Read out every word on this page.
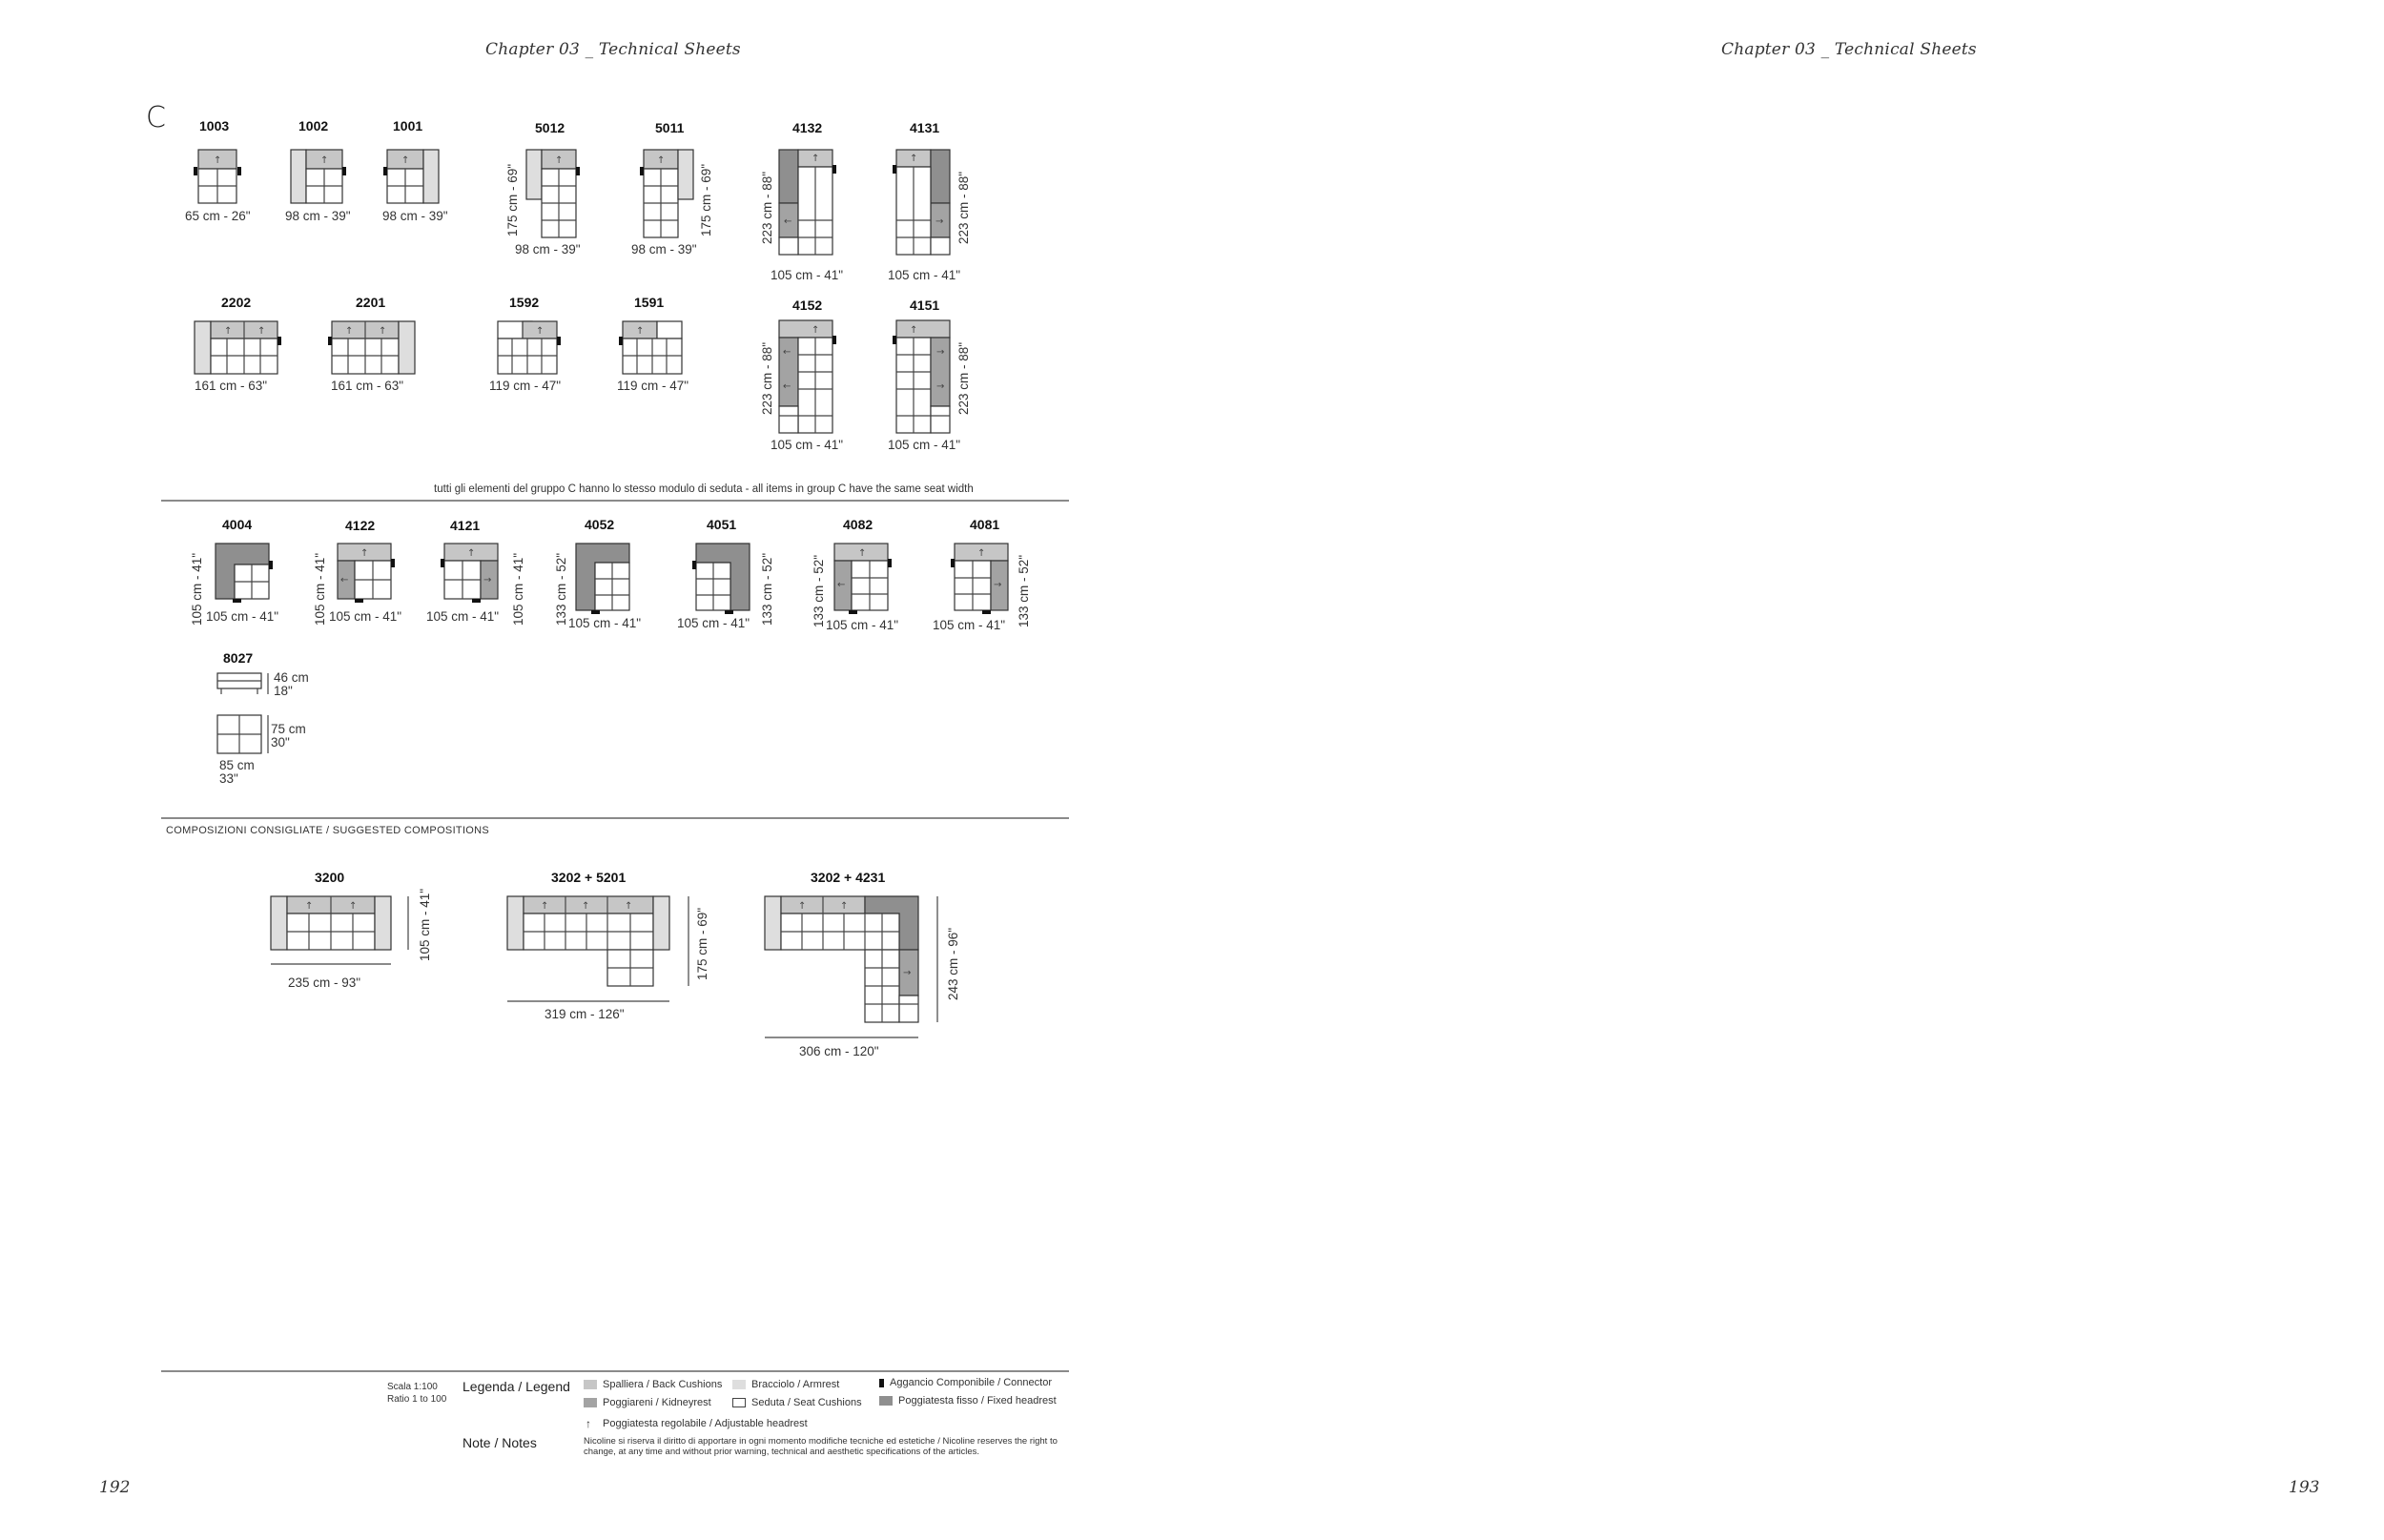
Chapter 03 _ Technical Sheets	Chapter 03 _ Technical Sheets
C
↑	↑	↑	↑	↑	↑
←
↑
→
↑	↑	↑	↑	↑	↑	↑
←
←
↑
→
→
↑
←
↑
→
↑
←
↑
→
↑	↑	↑	↑	↑	↑	↑
→
1003
65 cm - 26"
1002
98 cm - 39"
1001
98 cm - 39"
5012
98 cm - 39"
175 cm - 69"
5011
98 cm - 39"
175 cm - 69"
4132
105 cm - 41"
223 cm - 88"
4131
105 cm - 41"
223 cm - 88"
2202
161 cm - 63"
2201
161 cm - 63"
1592
119 cm - 47"
1591
119 cm - 47"
4152
105 cm - 41"
223 cm - 88"
4151
105 cm - 41"
223 cm - 88"
tutti gli elementi del gruppo C hanno lo stesso modulo di seduta - all items in group C have the same seat width
4004
105 cm - 41"
105 cm - 41"
4122
105 cm - 41"
105 cm - 41"
4121
105 cm - 41" 105 cm - 41"
4052
105 cm - 41"
133 cm - 52"
4051
105 cm - 41" 133 cm - 52"
4082
105 cm - 41"
133 cm - 52"
4081
105 cm - 41" 133 cm - 52"
8027
46 cm
18"
75 cm
30"
85 cm
33"
COMPOSIZIONI CONSIGLIATE / SUGGESTED COMPOSITIONS
3200
235 cm - 93"
105 cm - 41"
3202 + 5201
319 cm - 126"
175 cm - 69"
3202 + 4231
306 cm - 120"
243 cm - 96"
Scala 1:100
Ratio 1 to 100
Legenda / Legend	Spalliera / Back Cushions
Poggiareni / Kidneyrest
Bracciolo / Armrest
Seduta / Seat Cushions
Aggancio Componibile / Connector
Poggiatesta fisso / Fixed headrest
↑	Poggiatesta regolabile / Adjustable headrest
Note / Notes	Nicoline si riserva il diritto di apportare in ogni momento modifiche tecniche ed estetiche / Nicoline reserves the right to change, at any time and without prior warning, technical and aesthetic specifications of the articles.
192	193
